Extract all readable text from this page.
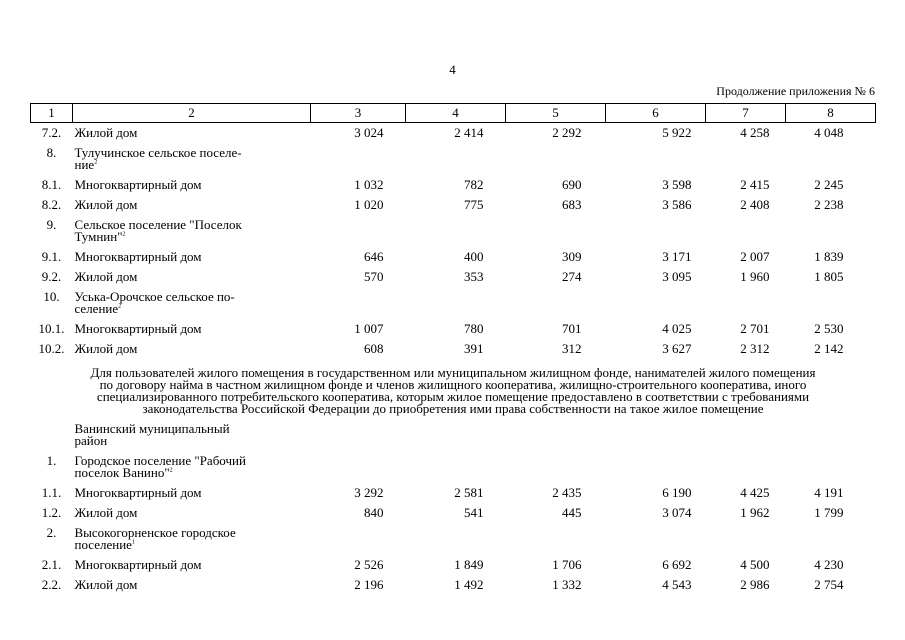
4
Продолжение приложения № 6
1	2	3	4	5	6	7	8
7.2.	Жилой дом	3 024	2 414	2 292	5 922	4 258	4 048
8.	Тулучинское сельское поселе-
ние$^2$

8.1.	Многоквартирный дом	1 032	782	690	3 598	2 415	2 245
8.2.	Жилой дом	1 020	775	683	3 586	2 408	2 238
9.	Сельское поселение "Поселок
Тумнин"$^2$

9.1.	Многоквартирный дом	646	400	309	3 171	2 007	1 839
9.2.	Жилой дом	570	353	274	3 095	1 960	1 805
10.	Уська-Орочское сельское по-
селение$^2$

10.1.	Многоквартирный дом	1 007	780	701	4 025	2 701	2 530
10.2.	Жилой дом	608	391	312	3 627	2 312	2 142

Для пользователей жилого помещения в государственном или муниципальном жилищном фонде, нанимателей жилого помещения
по договору найма в частном жилищном фонде и членов жилищного кооператива, жилищно-строительного кооператива, иного
специализированного потребительского кооператива, которым жилое помещение предоставлено в соответствии с требованиями
законодательства Российской Федерации до приобретения ими права собственности на такое жилое помещение							

	Ванинский муниципальный
район						

1.	Городское поселение "Рабочий
поселок Ванино"$^2$

1.1.	Многоквартирный дом	3 292	2 581	2 435	6 190	4 425	4 191
1.2.	Жилой дом	840	541	445	3 074	1 962	1 799
2.	Высокогорненское городское
поселение$^1$

2.1.	Многоквартирный дом	2 526	1 849	1 706	6 692	4 500	4 230
2.2.	Жилой дом	2 196	1 492	1 332	4 543	2 986	2 754
